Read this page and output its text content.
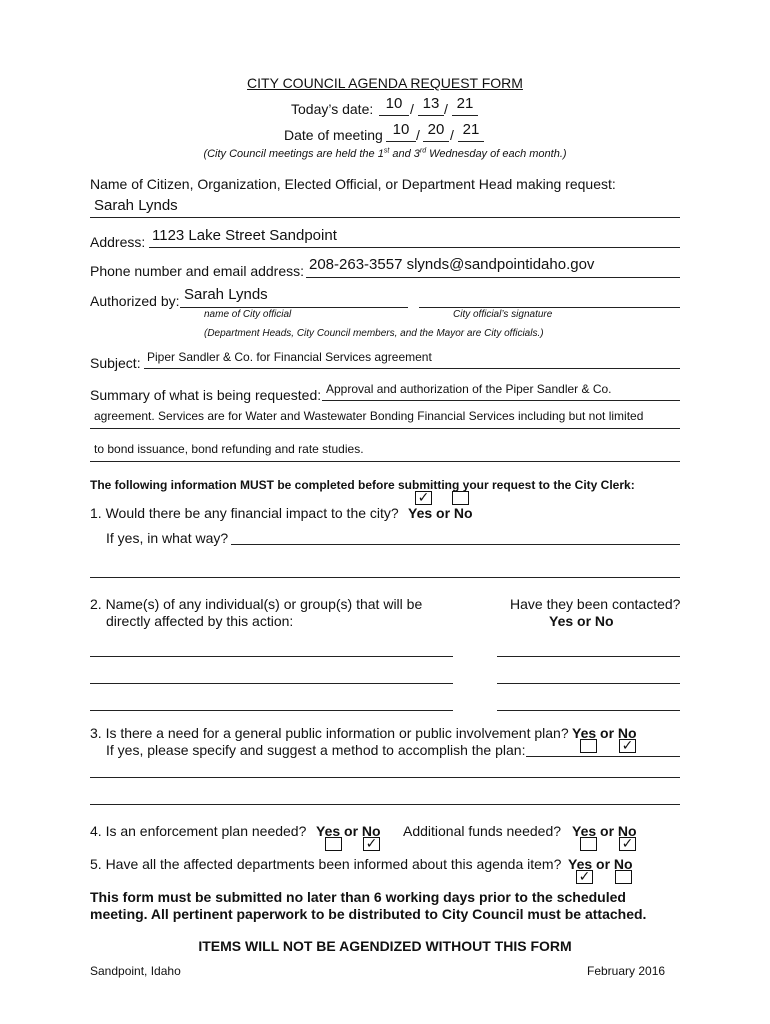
CITY COUNCIL AGENDA REQUEST FORM
Today’s date: 10 / 13 / 21
Date of meeting 10 / 20 / 21
(City Council meetings are held the 1st and 3rd Wednesday of each month.)
Name of Citizen, Organization, Elected Official, or Department Head making request:
Sarah Lynds
Address: 1123 Lake Street Sandpoint
Phone number and email address: 208-263-3557 slynds@sandpointidaho.gov
Authorized by: Sarah Lynds
name of City official	City official’s signature
(Department Heads, City Council members, and the Mayor are City officials.)
Subject: Piper Sandler & Co. for Financial Services agreement
Summary of what is being requested: Approval and authorization of the Piper Sandler & Co.
agreement. Services are for Water and Wastewater Bonding Financial Services including but not limited
to bond issuance, bond refunding and rate studies.
The following information MUST be completed before submitting your request to the City Clerk:
✓
1. Would there be any financial impact to the city? Yes or No
If yes, in what way?
2. Name(s) of any individual(s) or group(s) that will be
directly affected by this action:
Have they been contacted?
Yes or No
3. Is there a need for a general public information or public involvement plan? Yes or No
If yes, please specify and suggest a method to accomplish the plan:	✓
4. Is an enforcement plan needed? Yes or No
✓
Additional funds needed? Yes or No
✓
5. Have all the affected departments been informed about this agenda item? Yes or No
✓
This form must be submitted no later than 6 working days prior to the scheduled
meeting. All pertinent paperwork to be distributed to City Council must be attached.
ITEMS WILL NOT BE AGENDIZED WITHOUT THIS FORM
Sandpoint, Idaho	February 2016
